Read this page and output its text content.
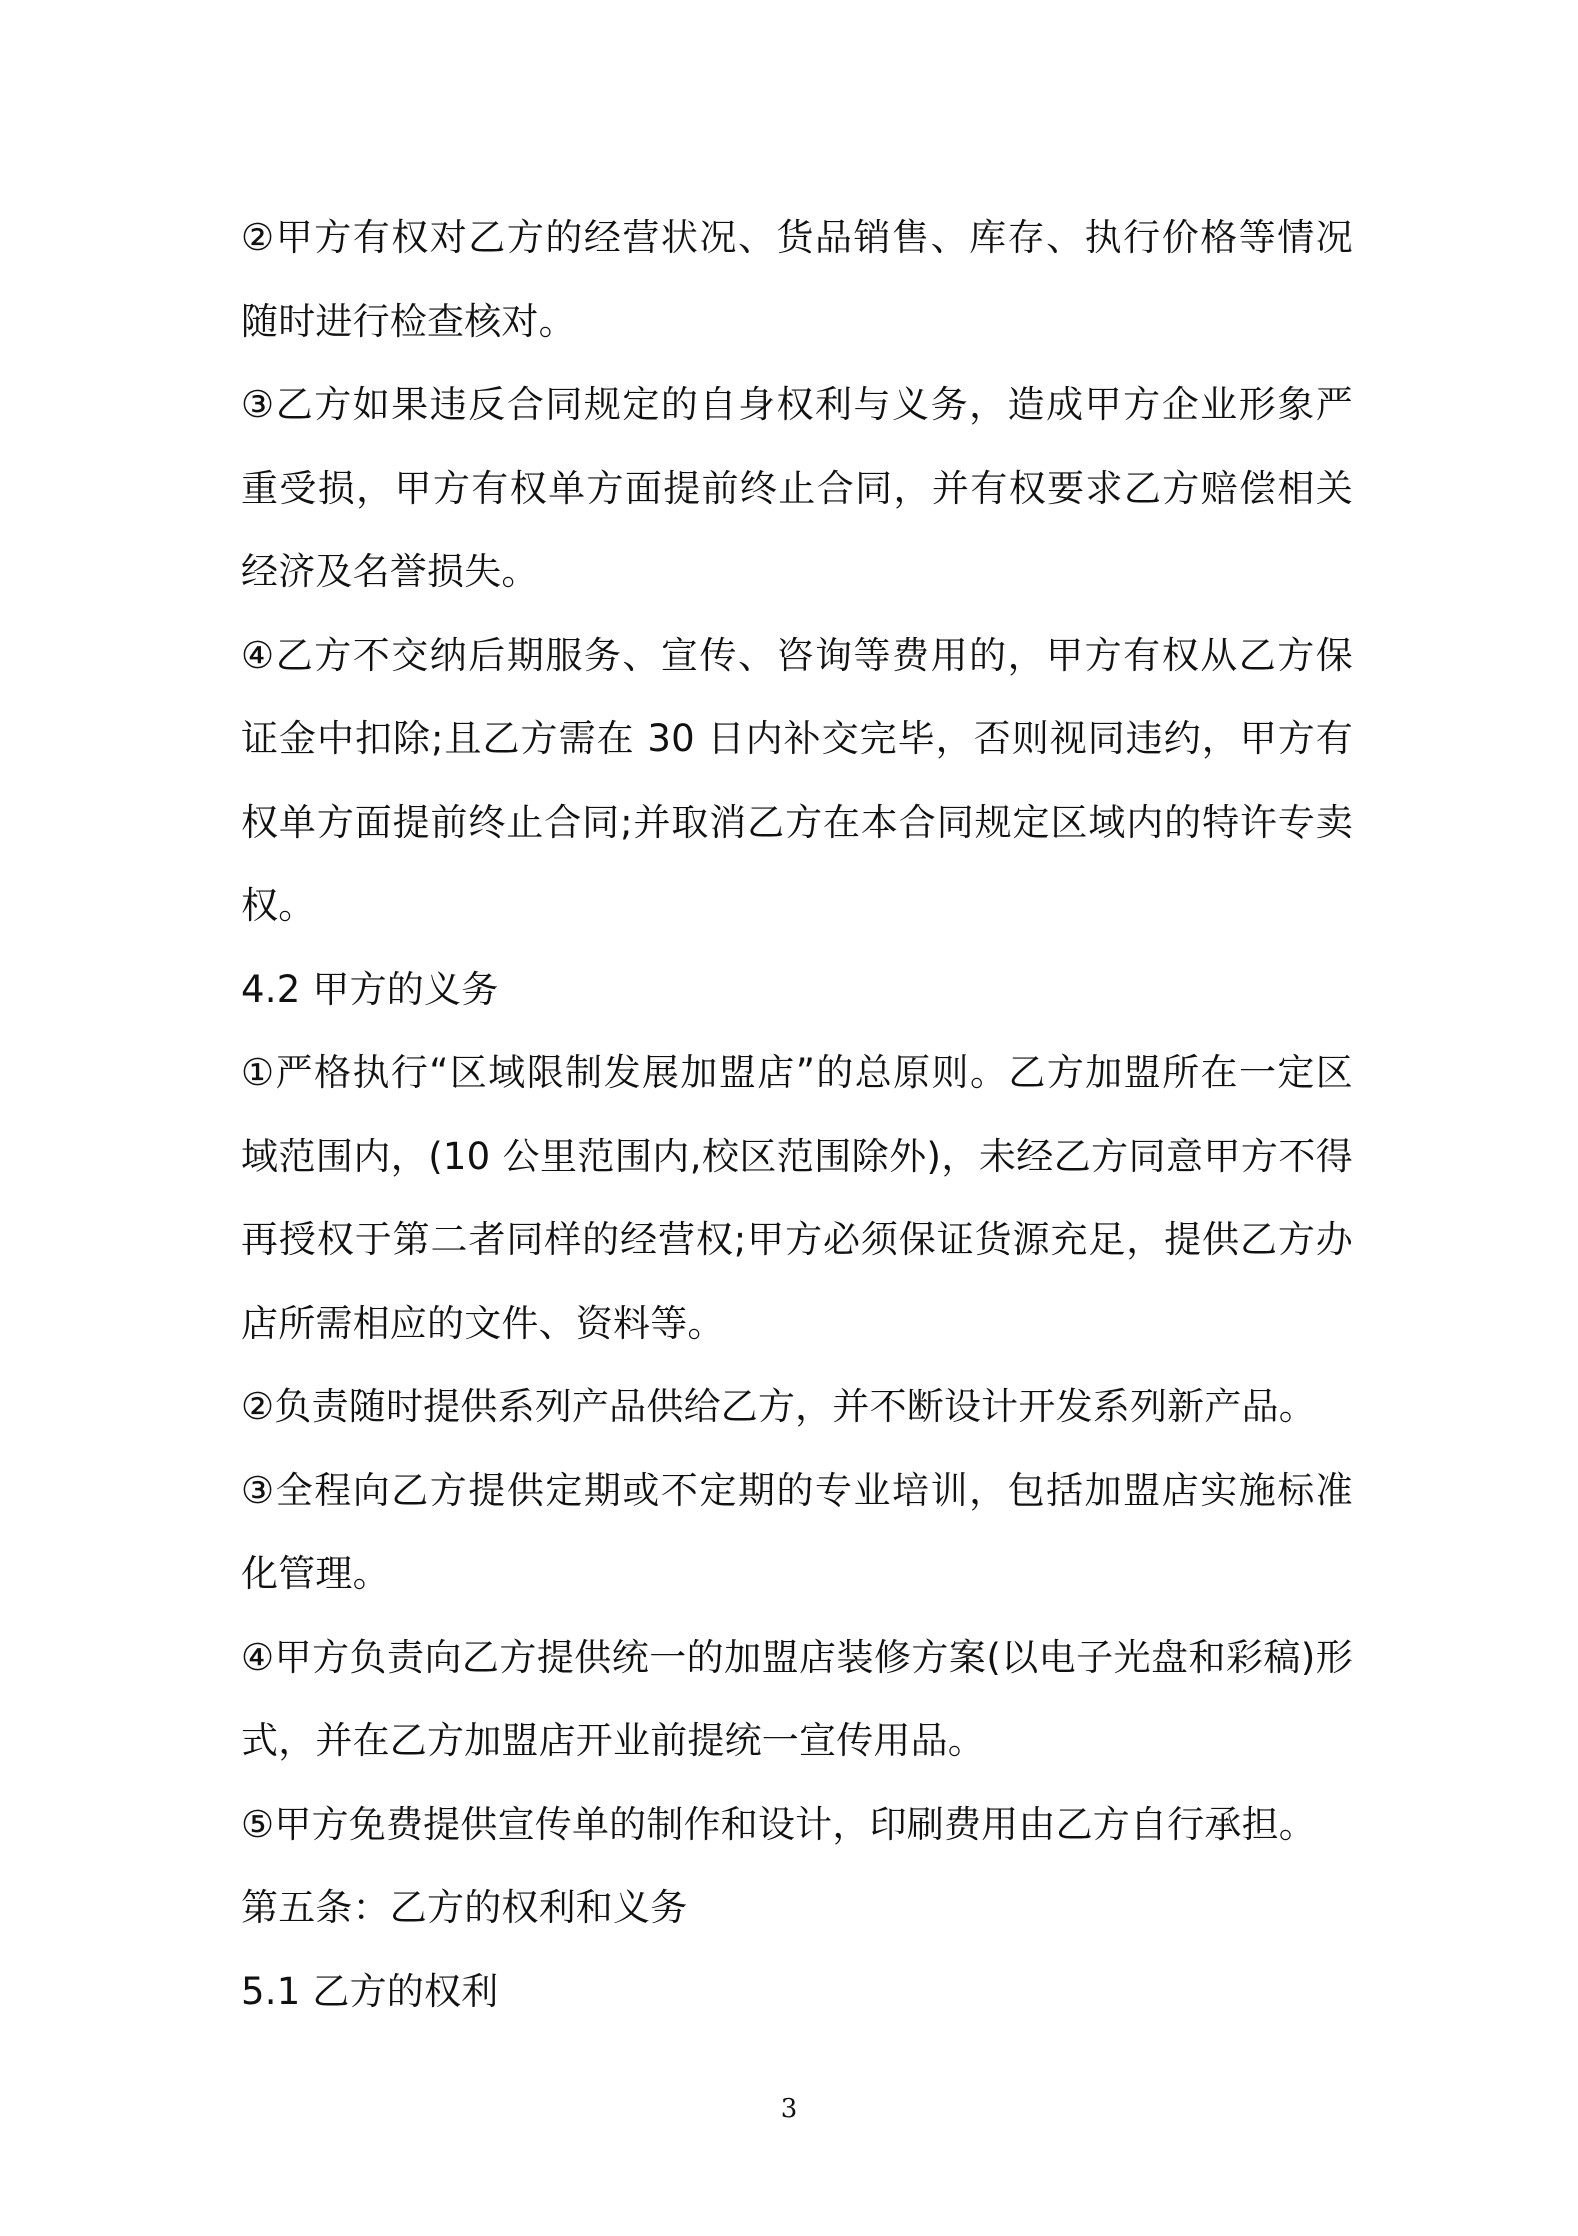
②甲方有权对乙方的经营状况、货品销售、库存、执行价格等情况随时进行检查核对。

③乙方如果违反合同规定的自身权利与义务，造成甲方企业形象严重受损，甲方有权单方面提前终止合同，并有权要求乙方赔偿相关经济及名誉损失。

④乙方不交纳后期服务、宣传、咨询等费用的，甲方有权从乙方保证金中扣除;且乙方需在 30 日内补交完毕，否则视同违约，甲方有权单方面提前终止合同;并取消乙方在本合同规定区域内的特许专卖权。

4.2 甲方的义务

①严格执行“区域限制发展加盟店”的总原则。乙方加盟所在一定区域范围内，(10 公里范围内,校区范围除外)，未经乙方同意甲方不得再授权于第二者同样的经营权;甲方必须保证货源充足，提供乙方办店所需相应的文件、资料等。

②负责随时提供系列产品供给乙方，并不断设计开发系列新产品。

③全程向乙方提供定期或不定期的专业培训，包括加盟店实施标准化管理。

④甲方负责向乙方提供统一的加盟店装修方案(以电子光盘和彩稿)形式，并在乙方加盟店开业前提统一宣传用品。

⑤甲方免费提供宣传单的制作和设计，印刷费用由乙方自行承担。

第五条：乙方的权利和义务

5.1 乙方的权利

3
